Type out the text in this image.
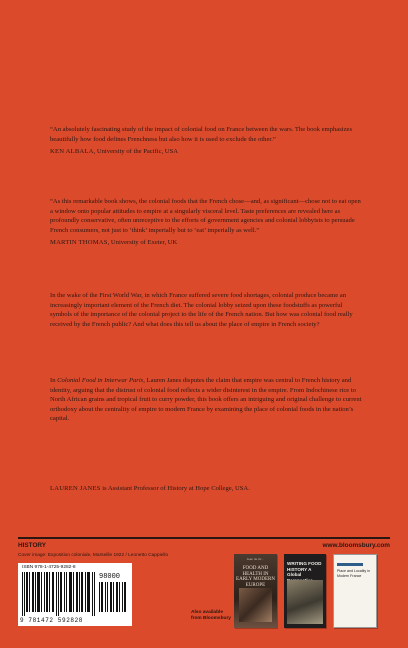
“An absolutely fascinating study of the impact of colonial food on France between the wars. The book emphasizes beautifully how food defines Frenchness but also how it is used to exclude the other.”

KEN ALBALA, University of the Pacific, USA

“As this remarkable book shows, the colonial foods that the French chose—and, as significant—chose not to eat open a window onto popular attitudes to empire at a singularly visceral level. Taste preferences are revealed here as profoundly conservative, often unreceptive to the efforts of government agencies and colonial lobbyists to persuade French consumers, not just to ‘think’ imperially but to ‘eat’ imperially as well.”

MARTIN THOMAS, University of Exeter, UK

In the wake of the First World War, in which France suffered severe food shortages, colonial produce became an increasingly important element of the French diet. The colonial lobby seized upon these foodstuffs as powerful symbols of the importance of the colonial project to the life of the French nation. But how was colonial food really received by the French public? And what does this tell us about the place of empire in French society?

In Colonial Food in Interwar Paris, Lauren Janes disputes the claim that empire was central to French history and identity, arguing that the distrust of colonial food reflects a wider disinterest in the empire. From Indochinese rice to North African grains and tropical fruit to curry powder, this book offers an intriguing and original challenge to current orthodoxy about the centrality of empire to modern France by examining the place of colonial foods in the nation’s capital.

LAUREN JANES is Assistant Professor of History at Hope College, USA.

HISTORY	www.bloomsbury.com
Cover image: Exposition coloniale, Marseille 1922 / Leonetto Cappiello
ISBN 978-1-4725-9282-8
98000
9 781472 592828
Also available
from Bloomsbury
Jean de Gr…
FOOD AND HEALTH IN EARLY MODERN EUROPE
WRITING FOOD HISTORY A Global
Place and Locality in Modern France
